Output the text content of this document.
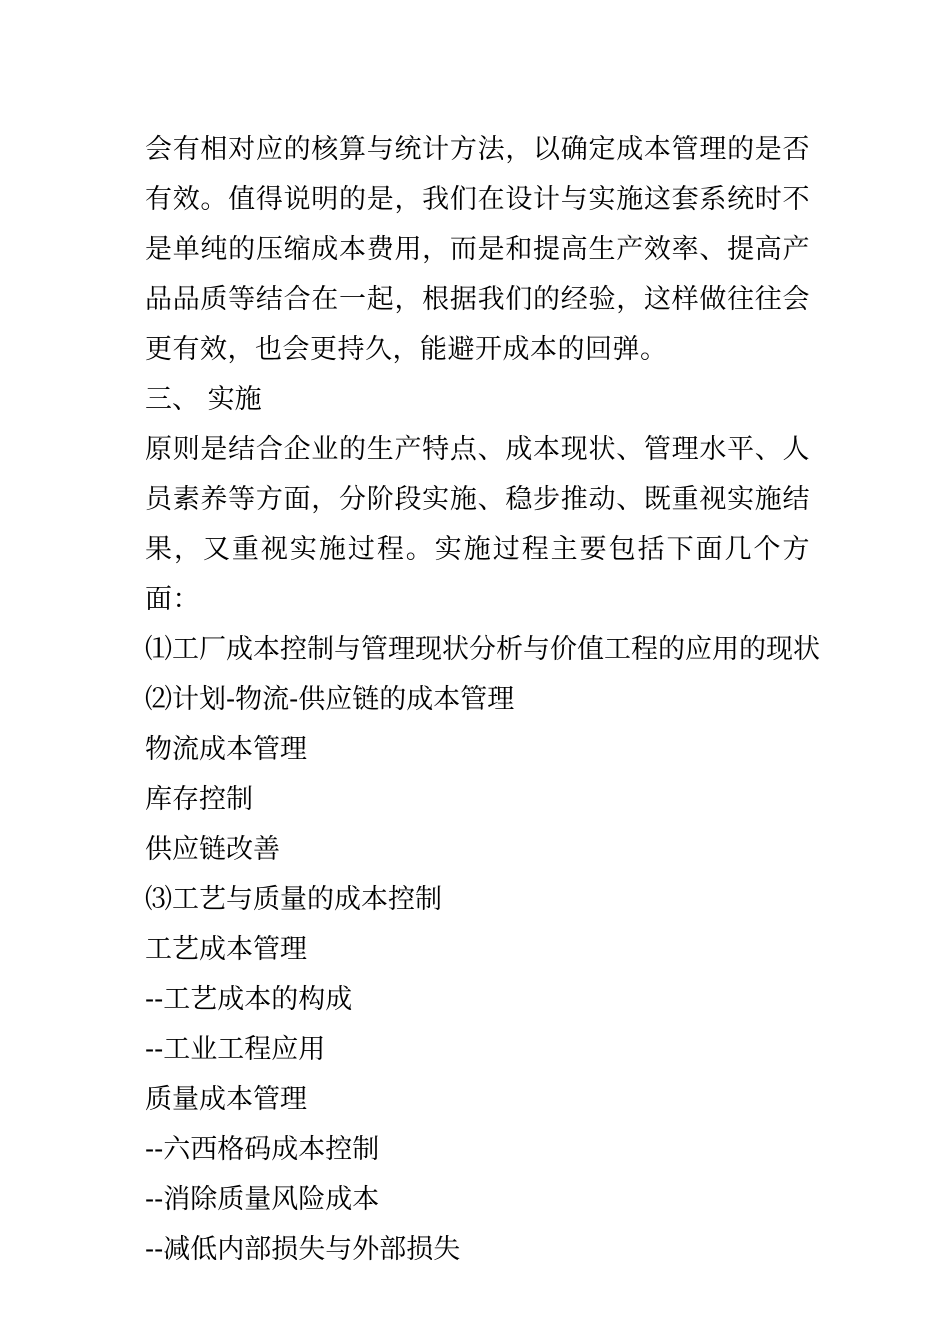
会有相对应的核算与统计方法，以确定成本管理的是否有效。值得说明的是，我们在设计与实施这套系统时不是单纯的压缩成本费用，而是和提高生产效率、提高产品品质等结合在一起，根据我们的经验，这样做往往会更有效，也会更持久，能避开成本的回弹。

三、 实施

原则是结合企业的生产特点、成本现状、管理水平、人员素养等方面，分阶段实施、稳步推动、既重视实施结果，又重视实施过程。实施过程主要包括下面几个方面：

⑴工厂成本控制与管理现状分析与价值工程的应用的现状

⑵计划-物流-供应链的成本管理

物流成本管理

库存控制

供应链改善

⑶工艺与质量的成本控制

工艺成本管理

--工艺成本的构成

--工业工程应用

质量成本管理

--六西格码成本控制

--消除质量风险成本

--减低内部损失与外部损失
